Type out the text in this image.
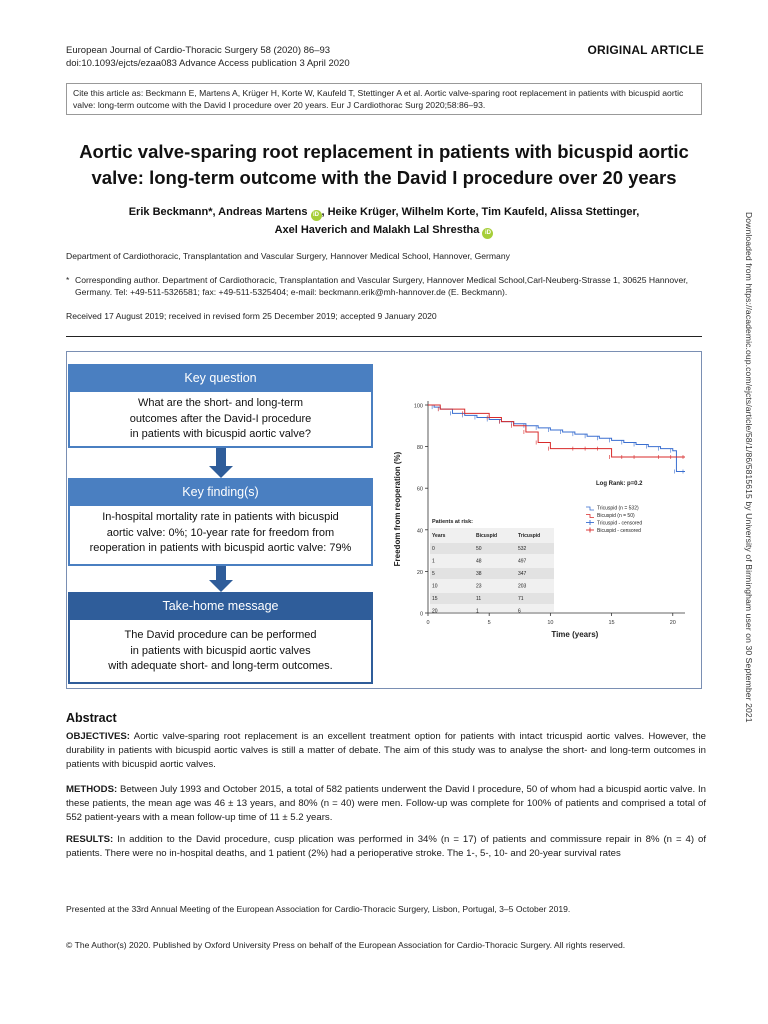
European Journal of Cardio-Thoracic Surgery 58 (2020) 86–93
doi:10.1093/ejcts/ezaa083 Advance Access publication 3 April 2020
ORIGINAL ARTICLE
Cite this article as: Beckmann E, Martens A, Krüger H, Korte W, Kaufeld T, Stettinger A et al. Aortic valve-sparing root replacement in patients with bicuspid aortic valve: long-term outcome with the David I procedure over 20 years. Eur J Cardiothorac Surg 2020;58:86–93.
Aortic valve-sparing root replacement in patients with bicuspid aortic
valve: long-term outcome with the David I procedure over 20 years
Erik Beckmann*, Andreas Martens iD , Heike Krüger, Wilhelm Korte, Tim Kaufeld, Alissa Stettinger,
Axel Haverich and Malakh Lal Shrestha iD
Department of Cardiothoracic, Transplantation and Vascular Surgery, Hannover Medical School, Hannover, Germany
* Corresponding author. Department of Cardiothoracic, Transplantation and Vascular Surgery, Hannover Medical School,Carl-Neuberg-Strasse 1, 30625 Hannover, Germany. Tel: +49-511-5326581; fax: +49-511-5325404; e-mail: beckmann.erik@mh-hannover.de (E. Beckmann).
Received 17 August 2019; received in revised form 25 December 2019; accepted 9 January 2020	Downloaded from https://academic.oup.com/ejcts/article/58/1/86/5815615 by University of Birmingham user on 30 September 2021
Key question
What are the short- and long-term
outcomes after the David-I procedure
in patients with bicuspid aortic valve?
Key finding(s)
In-hospital mortality rate in patients with bicuspid
aortic valve: 0%; 10-year rate for freedom from
reoperation in patients with bicuspid aortic valve: 79%
Take-home message
The David procedure can be performed
in patients with bicuspid aortic valves
with adequate short- and long-term outcomes.
0
20
40
60
80
100
0	5	10	15	20
Time (years)
Freedom from reoperation (%)	Log Rank: p=0.2
Tricuspid (n = 532)
Bicuspid (n = 50)
Tricuspid - censored
Bicuspid - censored
Patients at risk:
Years	Bicuspid	Tricuspid
0	50	532
1	48	497
5	38	347
10	23	203
15	11	71
20	1	6
Abstract
OBJECTIVES: Aortic valve-sparing root replacement is an excellent treatment option for patients with intact tricuspid aortic valves. However, the durability in patients with bicuspid aortic valves is still a matter of debate. The aim of this study was to analyse the short- and long-term outcomes in patients with bicuspid aortic valves.
METHODS: Between July 1993 and October 2015, a total of 582 patients underwent the David I procedure, 50 of whom had a bicuspid aortic valve. In these patients, the mean age was 46 ± 13 years, and 80% (n = 40) were men. Follow-up was complete for 100% of patients and comprised a total of 552 patient-years with a mean follow-up time of 11 ± 5.2 years.
RESULTS: In addition to the David procedure, cusp plication was performed in 34% (n = 17) of patients and commissure repair in 8% (n = 4) of patients. There were no in-hospital deaths, and 1 patient (2%) had a perioperative stroke. The 1-, 5-, 10- and 20-year survival rates
Presented at the 33rd Annual Meeting of the European Association for Cardio-Thoracic Surgery, Lisbon, Portugal, 3–5 October 2019.
© The Author(s) 2020. Published by Oxford University Press on behalf of the European Association for Cardio-Thoracic Surgery. All rights reserved.
